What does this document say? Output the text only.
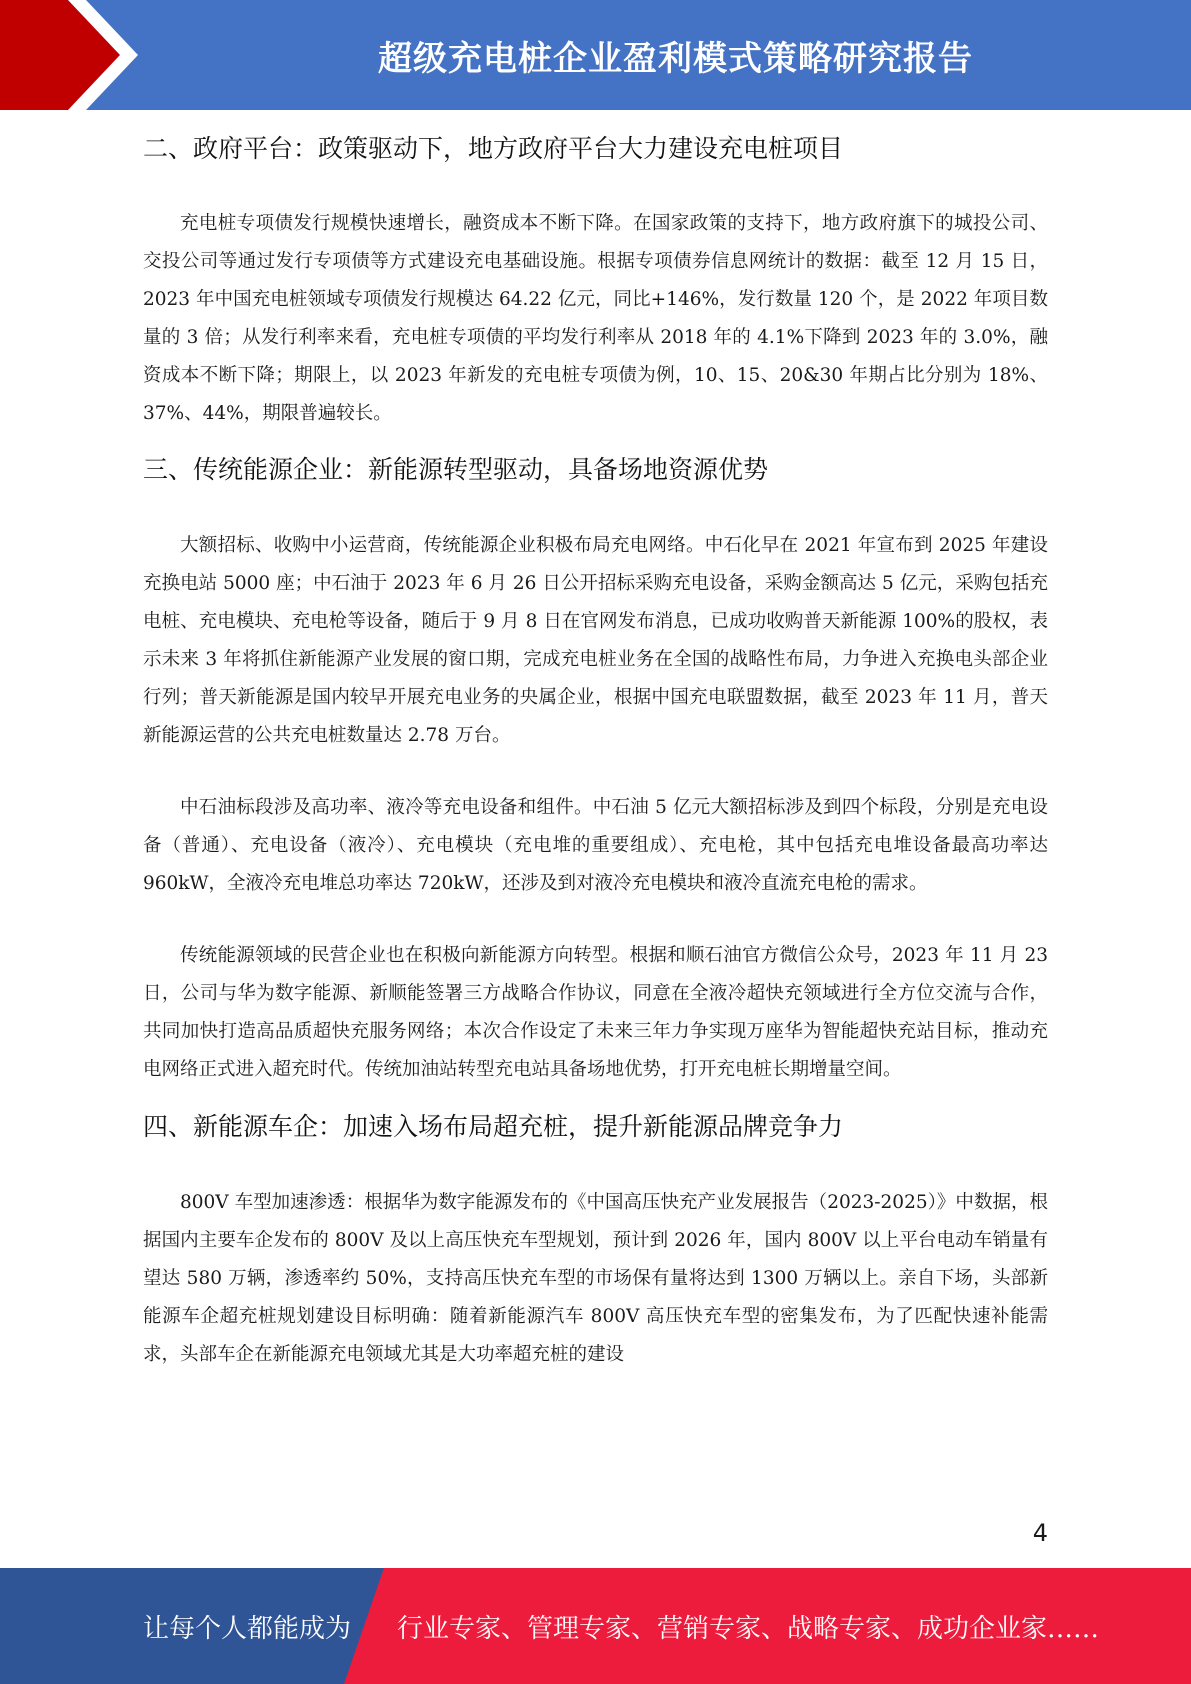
超级充电桩企业盈利模式策略研究报告
二、政府平台：政策驱动下，地方政府平台大力建设充电桩项目

充电桩专项债发行规模快速增长，融资成本不断下降。在国家政策的支持下，地方政府旗下的城投公司、交投公司等通过发行专项债等方式建设充电基础设施。根据专项债券信息网统计的数据：截至 12 月 15 日，2023 年中国充电桩领域专项债发行规模达 64.22 亿元，同比+146%，发行数量 120 个，是 2022 年项目数量的 3 倍；从发行利率来看，充电桩专项债的平均发行利率从 2018 年的 4.1%下降到 2023 年的 3.0%，融资成本不断下降；期限上，以 2023 年新发的充电桩专项债为例，10、15、20&30 年期占比分别为 18%、37%、44%，期限普遍较长。

三、传统能源企业：新能源转型驱动，具备场地资源优势

大额招标、收购中小运营商，传统能源企业积极布局充电网络。中石化早在 2021 年宣布到 2025 年建设充换电站 5000 座；中石油于 2023 年 6 月 26 日公开招标采购充电设备，采购金额高达 5 亿元，采购包括充电桩、充电模块、充电枪等设备，随后于 9 月 8 日在官网发布消息，已成功收购普天新能源 100%的股权，表示未来 3 年将抓住新能源产业发展的窗口期，完成充电桩业务在全国的战略性布局，力争进入充换电头部企业行列；普天新能源是国内较早开展充电业务的央属企业，根据中国充电联盟数据，截至 2023 年 11 月，普天新能源运营的公共充电桩数量达 2.78 万台。

中石油标段涉及高功率、液冷等充电设备和组件。中石油 5 亿元大额招标涉及到四个标段，分别是充电设备（普通）、充电设备（液冷）、充电模块（充电堆的重要组成）、充电枪，其中包括充电堆设备最高功率达 960kW，全液冷充电堆总功率达 720kW，还涉及到对液冷充电模块和液冷直流充电枪的需求。

传统能源领域的民营企业也在积极向新能源方向转型。根据和顺石油官方微信公众号，2023 年 11 月 23 日，公司与华为数字能源、新顺能签署三方战略合作协议，同意在全液冷超快充领域进行全方位交流与合作，共同加快打造高品质超快充服务网络；本次合作设定了未来三年力争实现万座华为智能超快充站目标，推动充电网络正式进入超充时代。传统加油站转型充电站具备场地优势，打开充电桩长期增量空间。

四、新能源车企：加速入场布局超充桩，提升新能源品牌竞争力

800V 车型加速渗透：根据华为数字能源发布的《中国高压快充产业发展报告（2023-2025）》中数据，根据国内主要车企发布的 800V 及以上高压快充车型规划，预计到 2026 年，国内 800V 以上平台电动车销量有望达 580 万辆，渗透率约 50%，支持高压快充车型的市场保有量将达到 1300 万辆以上。亲自下场，头部新能源车企超充桩规划建设目标明确：随着新能源汽车 800V 高压快充车型的密集发布，为了匹配快速补能需求，头部车企在新能源充电领域尤其是大功率超充桩的建设

4
让每个人都能成为 行业专家、管理专家、营销专家、战略专家、成功企业家……
